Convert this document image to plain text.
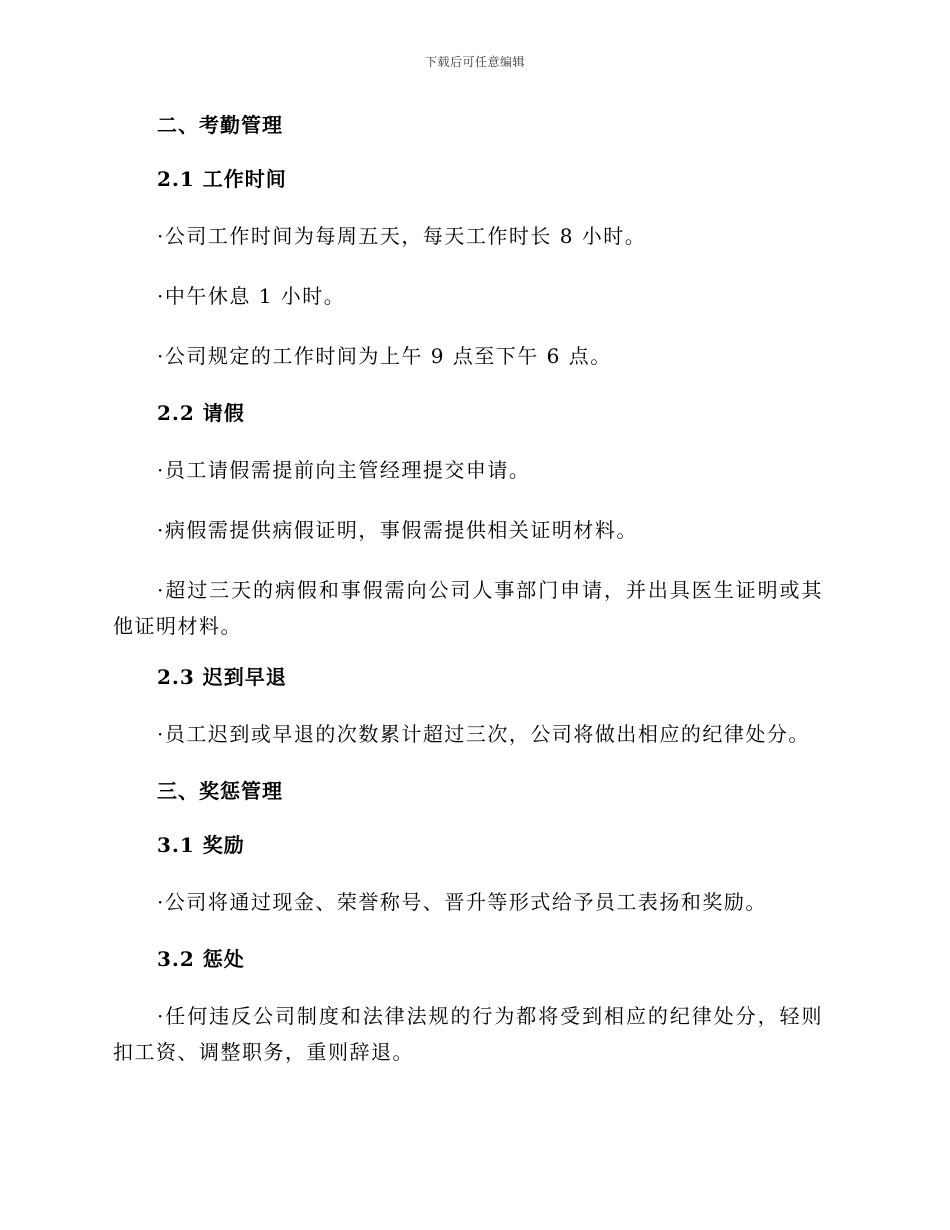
下载后可任意编辑
二、考勤管理
2.1 工作时间

·公司工作时间为每周五天，每天工作时长 8 小时。

·中午休息 1 小时。

·公司规定的工作时间为上午 9 点至下午 6 点。

2.2 请假

·员工请假需提前向主管经理提交申请。

·病假需提供病假证明，事假需提供相关证明材料。

·超过三天的病假和事假需向公司人事部门申请，并出具医生证明或其他证明材料。

2.3 迟到早退

·员工迟到或早退的次数累计超过三次，公司将做出相应的纪律处分。

三、奖惩管理
3.1 奖励

·公司将通过现金、荣誉称号、晋升等形式给予员工表扬和奖励。

3.2 惩处

·任何违反公司制度和法律法规的行为都将受到相应的纪律处分，轻则扣工资、调整职务，重则辞退。
